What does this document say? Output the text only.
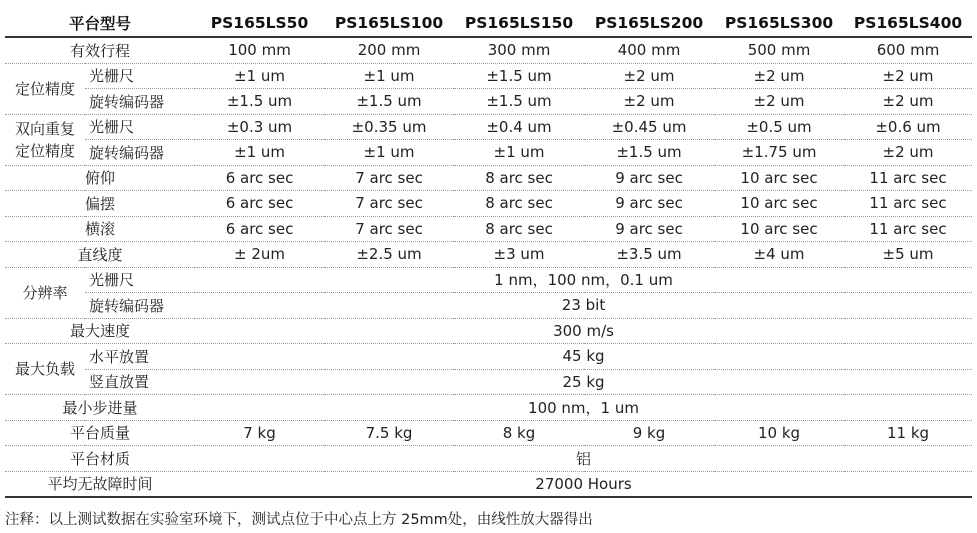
平台型号		PS165LS50	PS165LS100	PS165LS150	PS165LS200	PS165LS300	PS165LS400
有效行程		100 mm	200 mm	300 mm	400 mm	500 mm	600 mm
定位精度	光栅尺	±1 um	±1 um	±1.5 um	±2 um	±2 um	±2 um
	旋转编码器	±1.5 um	±1.5 um	±1.5 um	±2 um	±2 um	±2 um

双向重复
定位精度	光栅尺	±0.3 um	±0.35 um	±0.4 um	±0.45 um	±0.5 um	±0.6 um
	旋转编码器	±1 um	±1 um	±1 um	±1.5 um	±1.75 um	±2 um
俯仰		6 arc sec	7 arc sec	8 arc sec	9 arc sec	10 arc sec	11 arc sec
偏摆		6 arc sec	7 arc sec	8 arc sec	9 arc sec	10 arc sec	11 arc sec
横滚		6 arc sec	7 arc sec	8 arc sec	9 arc sec	10 arc sec	11 arc sec
直线度		± 2um	±2.5 um	±3 um	±3.5 um	±4 um	±5 um
分辨率	光栅尺	1 nm，100 nm，0.1 um					
	旋转编码器	23 bit					
最大速度		300 m/s					
最大负载	水平放置	45 kg					
	竖直放置	25 kg					
最小步进量		100 nm，1 um					
平台质量		7 kg	7.5 kg	8 kg	9 kg	10 kg	11 kg
平台材质		铝					
平均无故障时间		27000 Hours					
注释：以上测试数据在实验室环境下，测试点位于中心点上方 25mm处，由线性放大器得出
